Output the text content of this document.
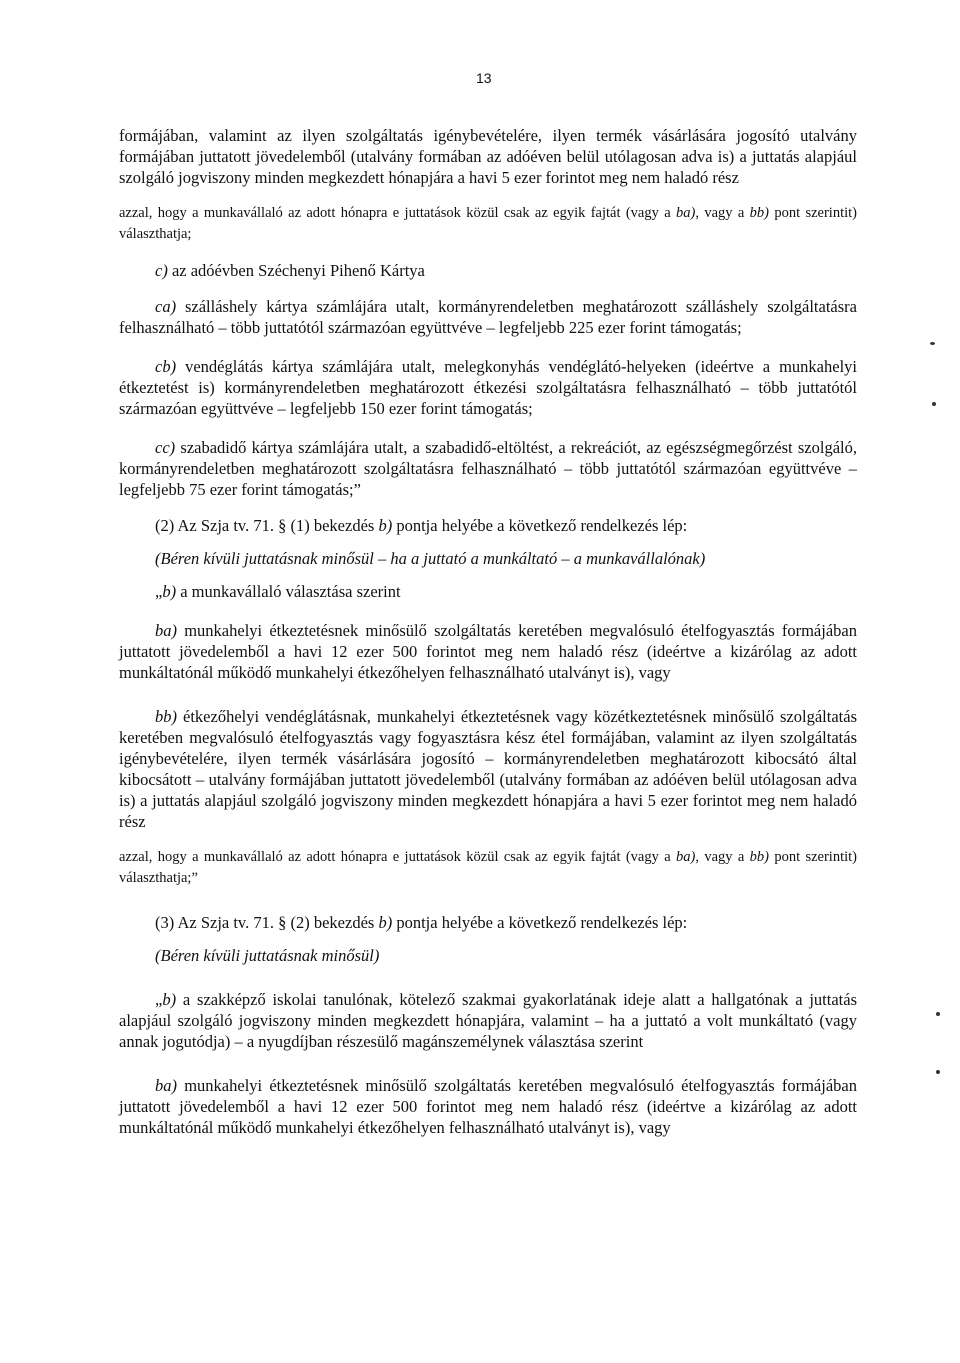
13

formájában, valamint az ilyen szolgáltatás igénybevételére, ilyen termék vásárlására jogosító utalvány formájában juttatott jövedelemből (utalvány formában az adóéven belül utólagosan adva is) a juttatás alapjául szolgáló jogviszony minden megkezdett hónapjára a havi 5 ezer forintot meg nem haladó rész

azzal, hogy a munkavállaló az adott hónapra e juttatások közül csak az egyik fajtát (vagy a ba), vagy a bb) pont szerintit) választhatja;

c) az adóévben Széchenyi Pihenő Kártya

ca) szálláshely kártya számlájára utalt, kormányrendeletben meghatározott szálláshely szolgáltatásra felhasználható – több juttatótól származóan együttvéve – legfeljebb 225 ezer forint támogatás;

cb) vendéglátás kártya számlájára utalt, melegkonyhás vendéglátó-helyeken (ideértve a munkahelyi étkeztetést is) kormányrendeletben meghatározott étkezési szolgáltatásra felhasználható – több juttatótól származóan együttvéve – legfeljebb 150 ezer forint támogatás;

cc) szabadidő kártya számlájára utalt, a szabadidő-eltöltést, a rekreációt, az egészségmegőrzést szolgáló, kormányrendeletben meghatározott szolgáltatásra felhasználható – több juttatótól származóan együttvéve – legfeljebb 75 ezer forint támogatás;”

(2) Az Szja tv. 71. § (1) bekezdés b) pontja helyébe a következő rendelkezés lép:

(Béren kívüli juttatásnak minősül – ha a juttató a munkáltató – a munkavállalónak)

„b) a munkavállaló választása szerint

ba) munkahelyi étkeztetésnek minősülő szolgáltatás keretében megvalósuló ételfogyasztás formájában juttatott jövedelemből a havi 12 ezer 500 forintot meg nem haladó rész (ideértve a kizárólag az adott munkáltatónál működő munkahelyi étkezőhelyen felhasználható utalványt is), vagy

bb) étkezőhelyi vendéglátásnak, munkahelyi étkeztetésnek vagy közétkeztetésnek minősülő szolgáltatás keretében megvalósuló ételfogyasztás vagy fogyasztásra kész étel formájában, valamint az ilyen szolgáltatás igénybevételére, ilyen termék vásárlására jogosító – kormányrendeletben meghatározott kibocsátó által kibocsátott – utalvány formájában juttatott jövedelemből (utalvány formában az adóéven belül utólagosan adva is) a juttatás alapjául szolgáló jogviszony minden megkezdett hónapjára a havi 5 ezer forintot meg nem haladó rész

azzal, hogy a munkavállaló az adott hónapra e juttatások közül csak az egyik fajtát (vagy a ba), vagy a bb) pont szerintit) választhatja;”

(3) Az Szja tv. 71. § (2) bekezdés b) pontja helyébe a következő rendelkezés lép:

(Béren kívüli juttatásnak minősül)

„b) a szakképző iskolai tanulónak, kötelező szakmai gyakorlatának ideje alatt a hallgatónak a juttatás alapjául szolgáló jogviszony minden megkezdett hónapjára, valamint – ha a juttató a volt munkáltató (vagy annak jogutódja) – a nyugdíjban részesülő magánszemélynek választása szerint

ba) munkahelyi étkeztetésnek minősülő szolgáltatás keretében megvalósuló ételfogyasztás formájában juttatott jövedelemből a havi 12 ezer 500 forintot meg nem haladó rész (ideértve a kizárólag az adott munkáltatónál működő munkahelyi étkezőhelyen felhasználható utalványt is), vagy
